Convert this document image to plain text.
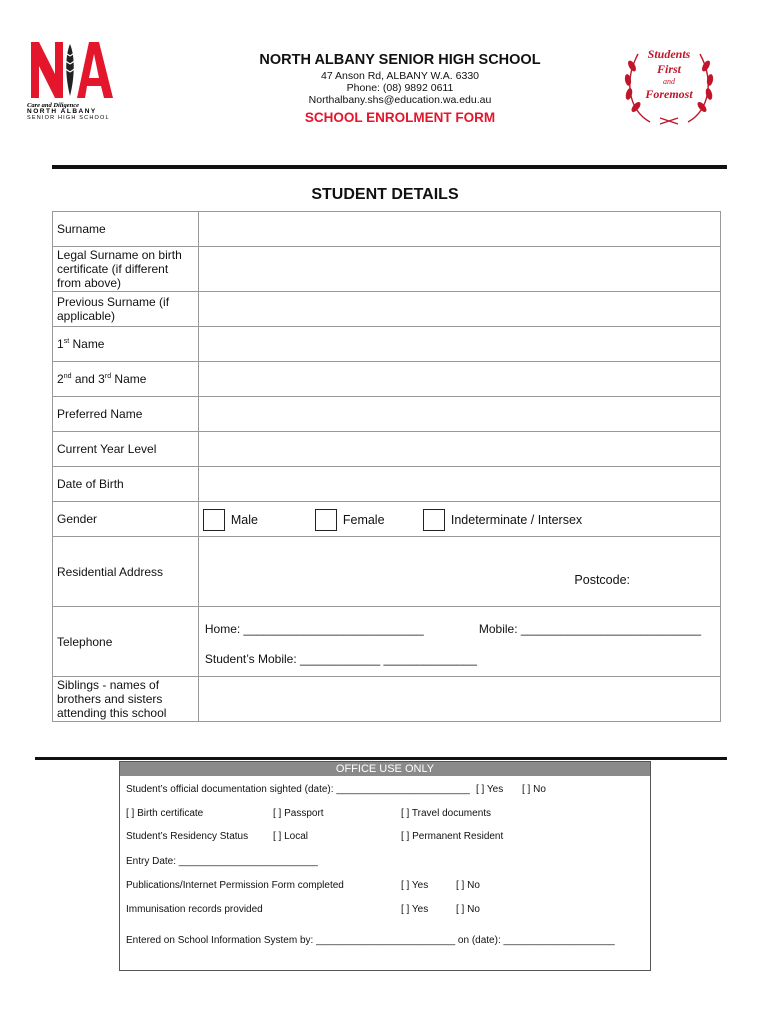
Care and Diligence
NORTH ALBANY
SENIOR HIGH SCHOOL
NORTH ALBANY SENIOR HIGH SCHOOL
47 Anson Rd, ALBANY W.A. 6330
Phone: (08) 9892 0611
Northalbany.shs@education.wa.edu.au
SCHOOL ENROLMENT FORM
Students
First
and
Foremost
STUDENT DETAILS
Surname	
Legal Surname on birth certificate (if different from above)	
Previous Surname (if applicable)	
1st Name	
2nd and 3rd Name	
Preferred Name	
Current Year Level	
Date of Birth	
Gender	Male Female Indeterminate / Intersex

Residential Address	Postcode:

Telephone	Home: ___________________________ Mobile: ___________________________
Student’s Mobile: ____________ ______________

Siblings - names of brothers and sisters attending this school	
OFFICE USE ONLY
Student’s official documentation sighted (date): ________________________ [ ] Yes [ ] No
[ ] Birth certificate	[ ] Passport	[ ] Travel documents
Student’s Residency Status [ ] Local	[ ] Permanent Resident
Entry Date: _________________________
Publications/Internet Permission Form completed	[ ] Yes	[ ] No
Immunisation records provided	[ ] Yes	[ ] No
Entered on School Information System by: _________________________ on (date): ____________________
